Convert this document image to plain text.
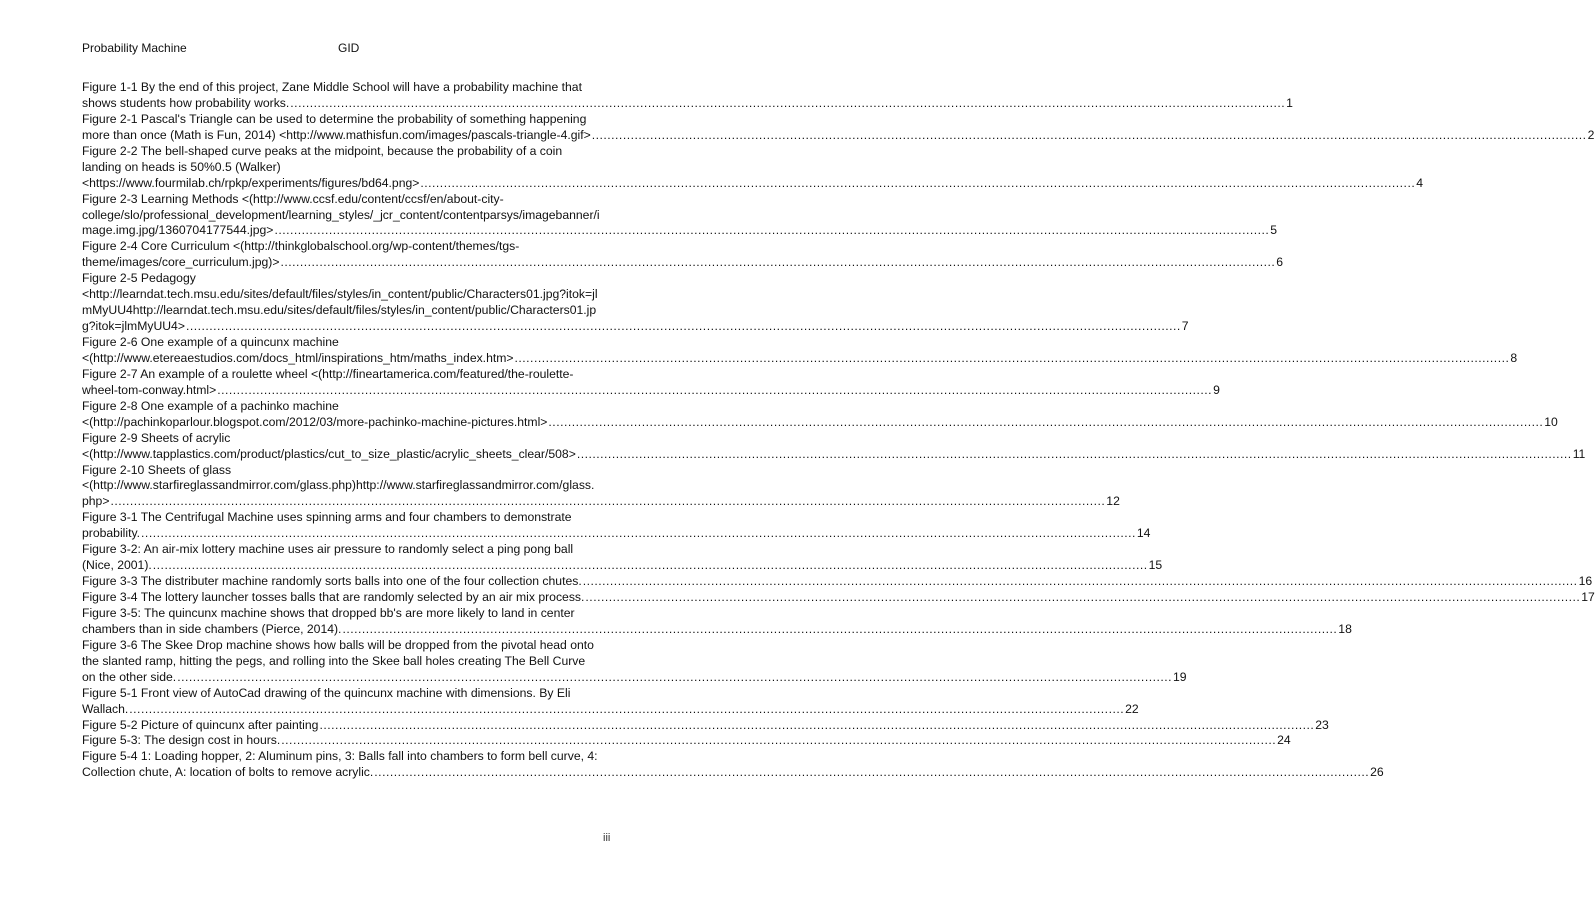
Probability Machine	GID
Figure 1-1 By the end of this project, Zane Middle School will have a probability machine that
shows students how probability works. .....	1
Figure 2-1 Pascal's Triangle can be used to determine the probability of something happening
more than once (Math is Fun, 2014) <http://www.mathisfun.com/images/pascals-triangle-4.gif> .....	2
Figure 2-2 The bell-shaped curve peaks at the midpoint, because the probability of a coin
landing on heads is 50%0.5 (Walker)
<https://www.fourmilab.ch/rpkp/experiments/figures/bd64.png> .....	4
Figure 2-3 Learning Methods <(http://www.ccsf.edu/content/ccsf/en/about-city-
college/slo/professional_development/learning_styles/_jcr_content/contentparsys/imagebanner/i
mage.img.jpg/1360704177544.jpg> .....	5
Figure 2-4 Core Curriculum <(http://thinkglobalschool.org/wp-content/themes/tgs-
theme/images/core_curriculum.jpg)> .....	6
Figure 2-5 Pedagogy
<http://learndat.tech.msu.edu/sites/default/files/styles/in_content/public/Characters01.jpg?itok=jl
mMyUU4http://learndat.tech.msu.edu/sites/default/files/styles/in_content/public/Characters01.jp
g?itok=jlmMyUU4> .....	7
Figure 2-6 One example of a quincunx machine
<(http://www.etereaestudios.com/docs_html/inspirations_htm/maths_index.htm> .....	8
Figure 2-7 An example of a roulette wheel <(http://fineartamerica.com/featured/the-roulette-
wheel-tom-conway.html> .....	9
Figure 2-8 One example of a pachinko machine
<(http://pachinkoparlour.blogspot.com/2012/03/more-pachinko-machine-pictures.html> .....	10
Figure 2-9 Sheets of acrylic
<(http://www.tapplastics.com/product/plastics/cut_to_size_plastic/acrylic_sheets_clear/508> .....	11
Figure 2-10 Sheets of glass
<(http://www.starfireglassandmirror.com/glass.php)http://www.starfireglassandmirror.com/glass.
php> .....	12
Figure 3-1 The Centrifugal Machine uses spinning arms and four chambers to demonstrate
probability. .....	14
Figure 3-2: An air-mix lottery machine uses air pressure to randomly select a ping pong ball
(Nice, 2001). .....	15
Figure 3-3 The distributer machine randomly sorts balls into one of the four collection chutes. .....	16
Figure 3-4 The lottery launcher tosses balls that are randomly selected by an air mix process. .....	17
Figure 3-5: The quincunx machine shows that dropped bb's are more likely to land in center
chambers than in side chambers (Pierce, 2014). .....	18
Figure 3-6 The Skee Drop machine shows how balls will be dropped from the pivotal head onto
the slanted ramp, hitting the pegs, and rolling into the Skee ball holes creating The Bell Curve
on the other side. .....	19
Figure 5-1 Front view of AutoCad drawing of the quincunx machine with dimensions. By Eli
Wallach. .....	22
Figure 5-2 Picture of quincunx after painting .....	23
Figure 5-3: The design cost in hours. .....	24
Figure 5-4 1: Loading hopper, 2: Aluminum pins, 3: Balls fall into chambers to form bell curve, 4:
Collection chute, A: location of bolts to remove acrylic. .....	26
iii
